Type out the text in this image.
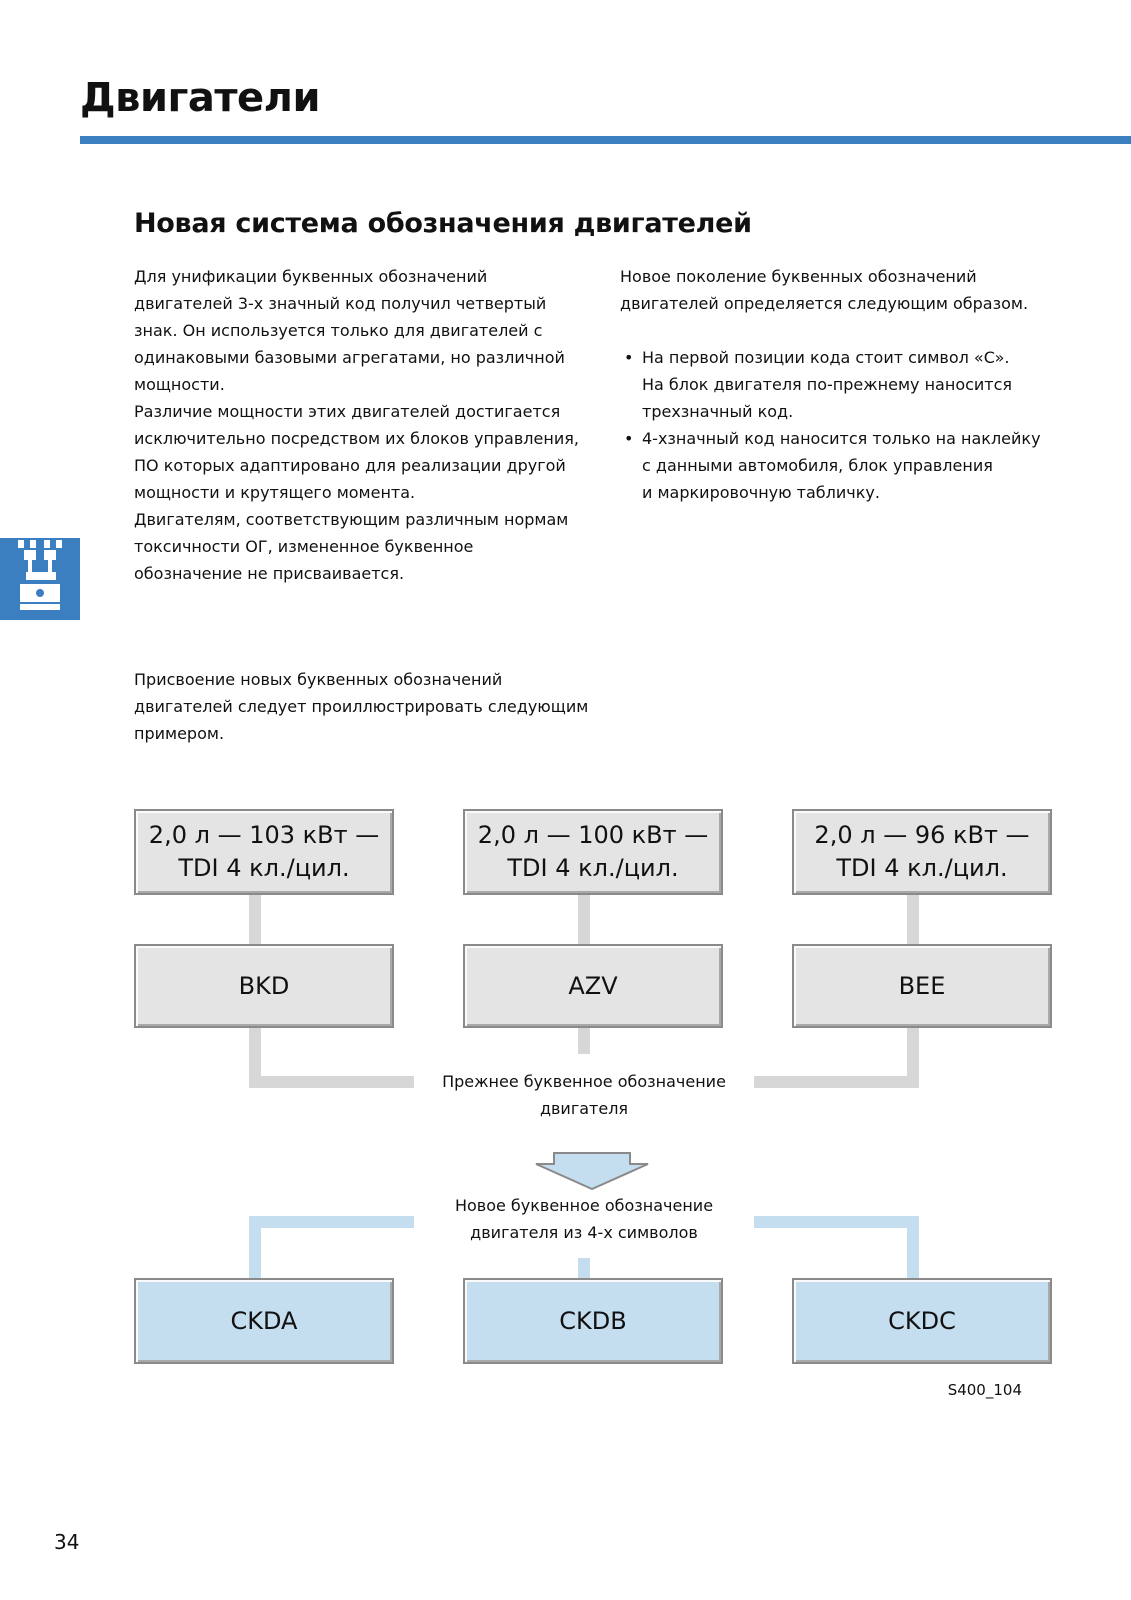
Двигатели
Новая система обозначения двигателей

Для унификации буквенных обозначений
двигателей 3-х значный код получил четвертый
знак. Он используется только для двигателей с
одинаковыми базовыми агрегатами, но различной
мощности.

Различие мощности этих двигателей достигается
исключительно посредством их блоков управления,
ПО которых адаптировано для реализации другой
мощности и крутящего момента.

Двигателям, соответствующим различным нормам
токсичности ОГ, измененное буквенное
обозначение не присваивается.

Новое поколение буквенных обозначений
двигателей определяется следующим образом.

• На первой позиции кода стоит символ «C».
На блок двигателя по-прежнему наносится
трехзначный код.
• 4-хзначный код наносится только на наклейку
с данными автомобиля, блок управления
и маркировочную табличку.

Присвоение новых буквенных обозначений
двигателей следует проиллюстрировать следующим
примером.

2,0 л — 103 кВт —
TDI 4 кл./цил.
2,0 л — 100 кВт —
TDI 4 кл./цил.
2,0 л — 96 кВт —
TDI 4 кл./цил.
BKD	AZV	BEE
Прежнее буквенное обозначение
двигателя
Новое буквенное обозначение
двигателя из 4-х символов
CKDA	CKDB	CKDC
S400_104
34
